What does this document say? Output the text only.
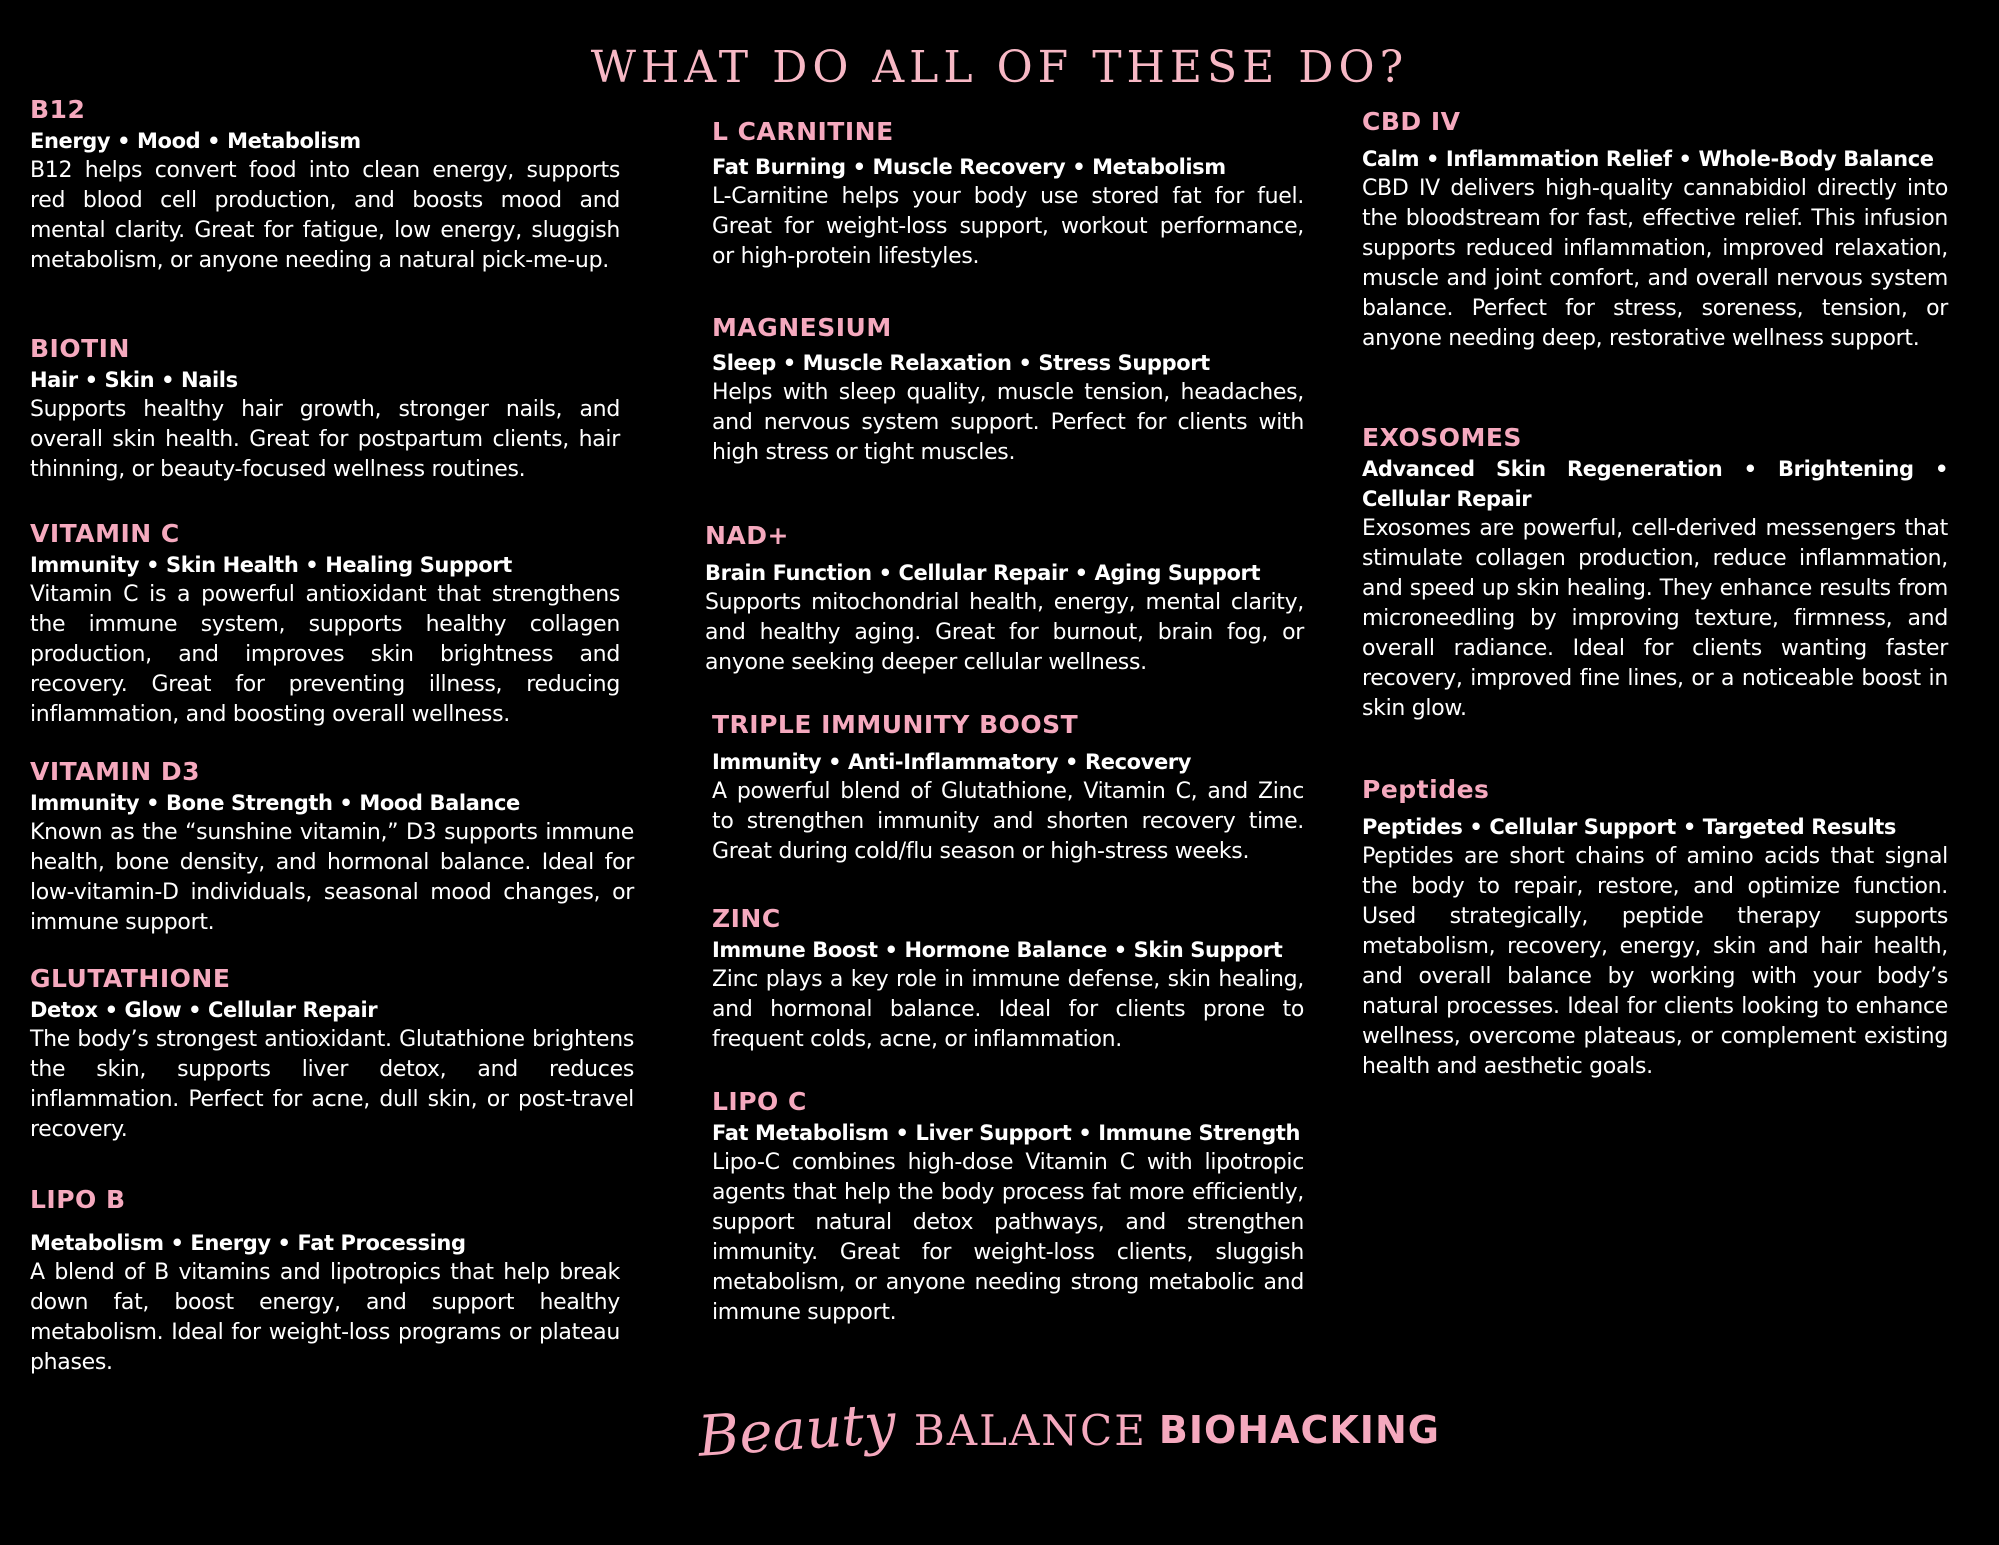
WHAT DO ALL OF THESE DO?
B12

Energy • Mood • Metabolism

B12 helps convert food into clean energy, supports red blood cell production, and boosts mood and mental clarity. Great for fatigue, low energy, sluggish metabolism, or anyone needing a natural pick-me-up.

BIOTIN

Hair • Skin • Nails

Supports healthy hair growth, stronger nails, and overall skin health. Great for postpartum clients, hair thinning, or beauty-focused wellness routines.

VITAMIN C

Immunity • Skin Health • Healing Support

Vitamin C is a powerful antioxidant that strengthens the immune system, supports healthy collagen production, and improves skin brightness and recovery. Great for preventing illness, reducing inflammation, and boosting overall wellness.

VITAMIN D3

Immunity • Bone Strength • Mood Balance

Known as the “sunshine vitamin,” D3 supports immune health, bone density, and hormonal balance. Ideal for low-vitamin-D individuals, seasonal mood changes, or immune support.

GLUTATHIONE

Detox • Glow • Cellular Repair

The body’s strongest antioxidant. Glutathione brightens the skin, supports liver detox, and reduces inflammation. Perfect for acne, dull skin, or post-travel recovery.

LIPO B

Metabolism • Energy • Fat Processing

A blend of B vitamins and lipotropics that help break down fat, boost energy, and support healthy metabolism. Ideal for weight-loss programs or plateau phases.

L CARNITINE

Fat Burning • Muscle Recovery • Metabolism

L-Carnitine helps your body use stored fat for fuel. Great for weight-loss support, workout performance, or high-protein lifestyles.

MAGNESIUM

Sleep • Muscle Relaxation • Stress Support

Helps with sleep quality, muscle tension, headaches, and nervous system support. Perfect for clients with high stress or tight muscles.

NAD+

Brain Function • Cellular Repair • Aging Support

Supports mitochondrial health, energy, mental clarity, and healthy aging. Great for burnout, brain fog, or anyone seeking deeper cellular wellness.

TRIPLE IMMUNITY BOOST

Immunity • Anti-Inflammatory • Recovery

A powerful blend of Glutathione, Vitamin C, and Zinc to strengthen immunity and shorten recovery time. Great during cold/flu season or high-stress weeks.

ZINC

Immune Boost • Hormone Balance • Skin Support

Zinc plays a key role in immune defense, skin healing, and hormonal balance. Ideal for clients prone to frequent colds, acne, or inflammation.

LIPO C

Fat Metabolism • Liver Support • Immune Strength

Lipo-C combines high-dose Vitamin C with lipotropic agents that help the body process fat more efficiently, support natural detox pathways, and strengthen immunity. Great for weight-loss clients, sluggish metabolism, or anyone needing strong metabolic and immune support.

CBD IV

Calm • Inflammation Relief • Whole-Body Balance

CBD IV delivers high-quality cannabidiol directly into the bloodstream for fast, effective relief. This infusion supports reduced inflammation, improved relaxation, muscle and joint comfort, and overall nervous system balance. Perfect for stress, soreness, tension, or anyone needing deep, restorative wellness support.

EXOSOMES

Advanced Skin Regeneration • Brightening • Cellular Repair

Exosomes are powerful, cell-derived messengers that stimulate collagen production, reduce inflammation, and speed up skin healing. They enhance results from microneedling by improving texture, firmness, and overall radiance. Ideal for clients wanting faster recovery, improved fine lines, or a noticeable boost in skin glow.

Peptides

Peptides • Cellular Support • Targeted Results

Peptides are short chains of amino acids that signal the body to repair, restore, and optimize function. Used strategically, peptide therapy supports metabolism, recovery, energy, skin and hair health, and overall balance by working with your body’s natural processes. Ideal for clients looking to enhance wellness, overcome plateaus, or complement existing health and aesthetic goals.

Beauty BALANCE BIOHACKING
